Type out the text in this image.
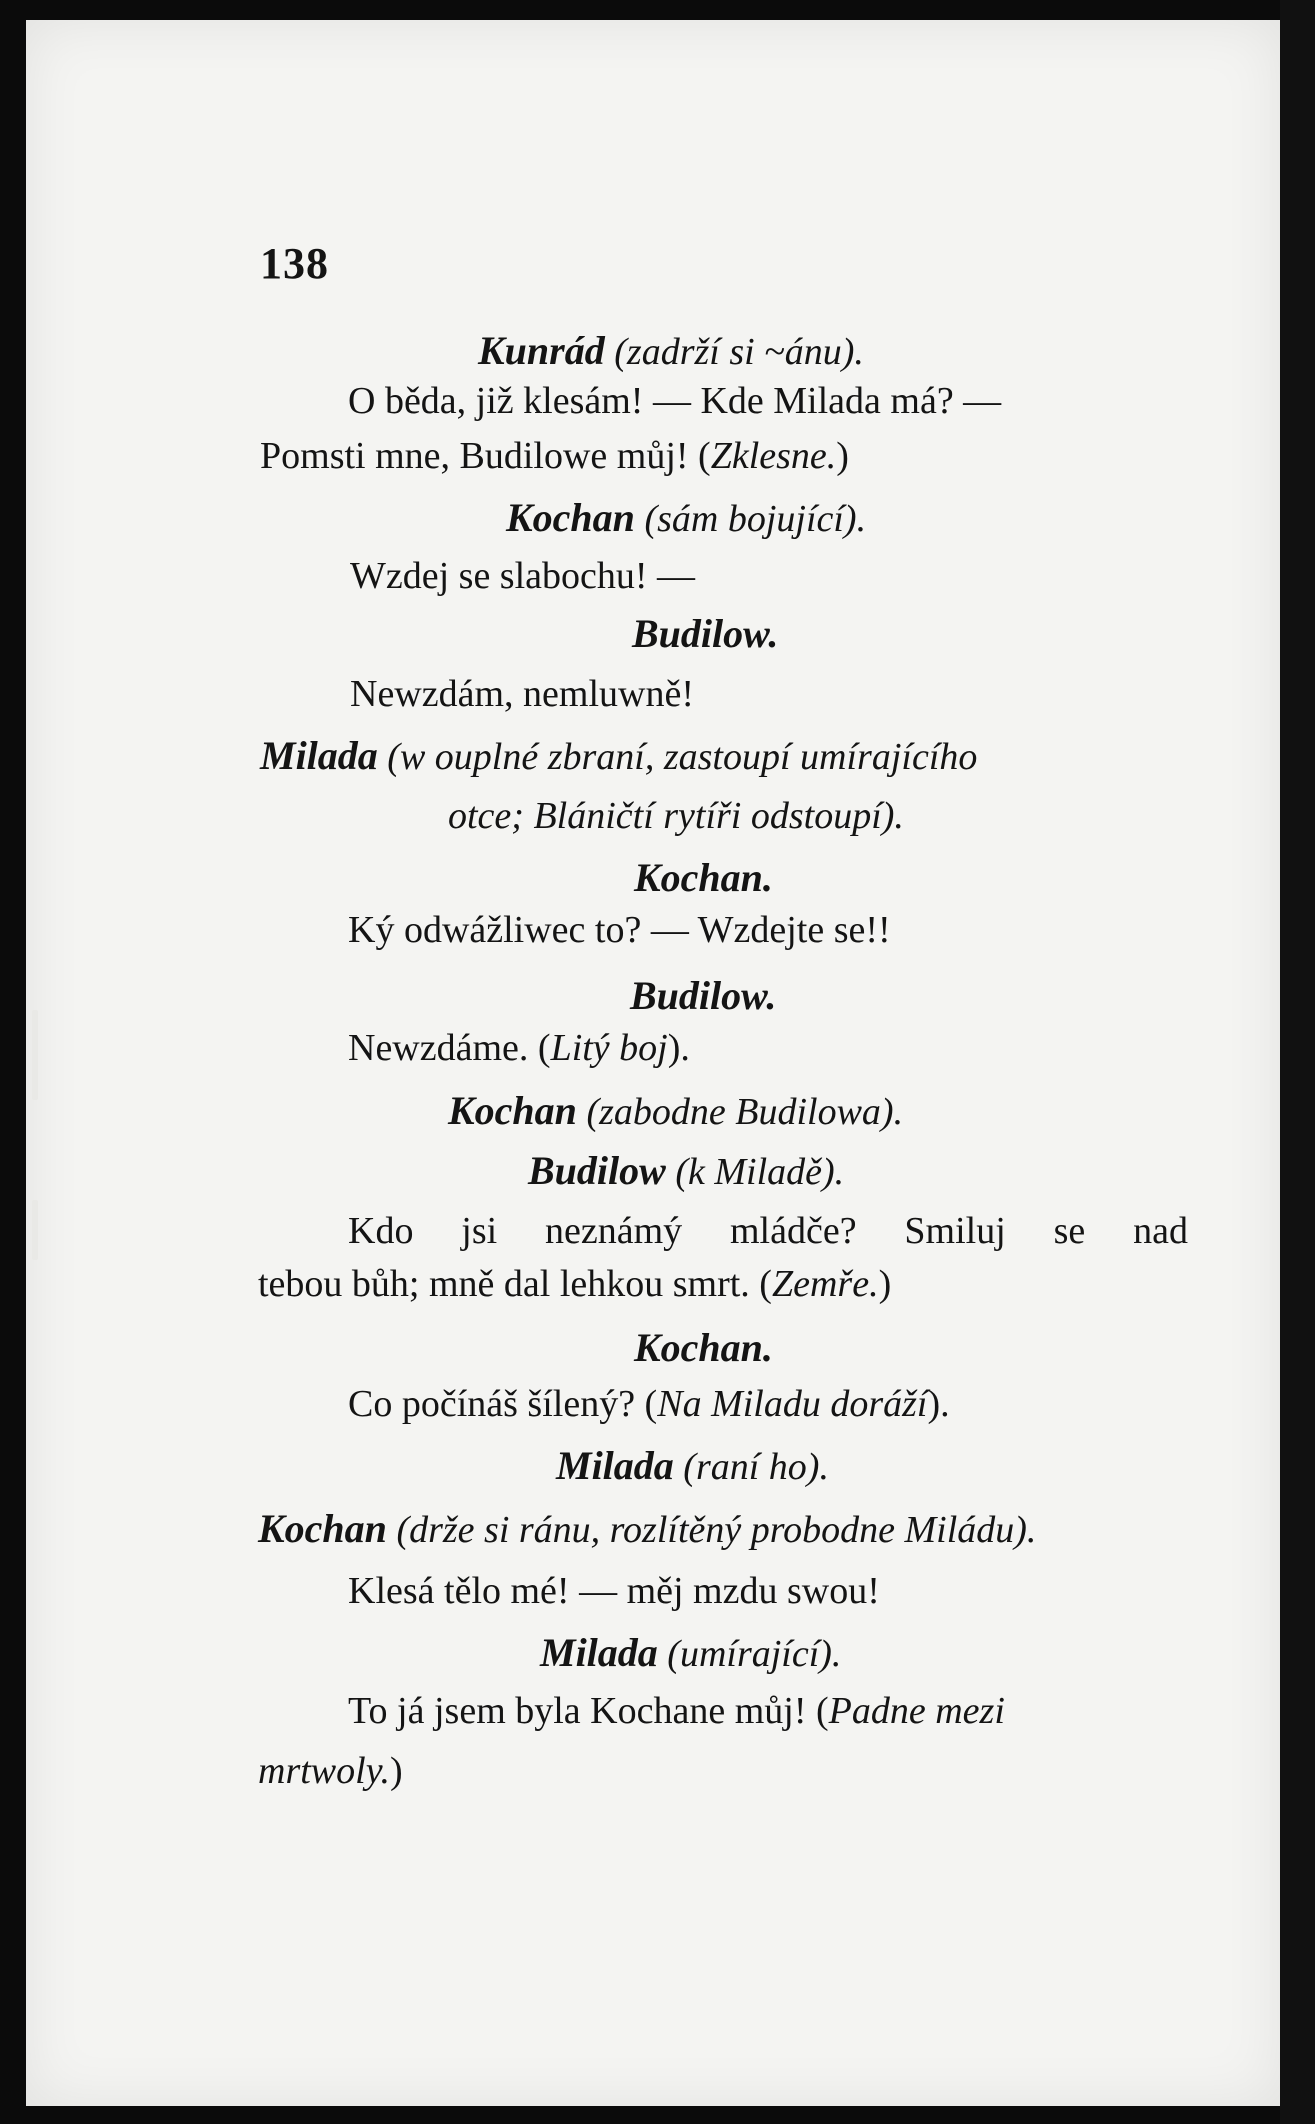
138
Kunrád (zadrží si ~ánu).
O běda, již klesám! — Kde Milada má? —
Pomsti mne, Budilowe můj! (Zklesne.)
Kochan (sám bojující).
Wzdej se slabochu! —
Budilow.
Newzdám, nemluwně!
Milada (w ouplné zbraní, zastoupí umírajícího
otce; Bláničtí rytíři odstoupí).
Kochan.
Ký odwážliwec to? — Wzdejte se!!
Budilow.
Newzdáme. (Litý boj).
Kochan (zabodne Budilowa).
Budilow (k Miladě).
Kdo jsi neznámý mládče? Smiluj se nad
tebou bůh; mně dal lehkou smrt. (Zemře.)
Kochan.
Co počínáš šílený? (Na Miladu doráží).
Milada (raní ho).
Kochan (drže si ránu, rozlítěný probodne Miládu).
Klesá tělo mé! — měj mzdu swou!
Milada (umírající).
To já jsem byla Kochane můj! (Padne mezi
mrtwoly.)
